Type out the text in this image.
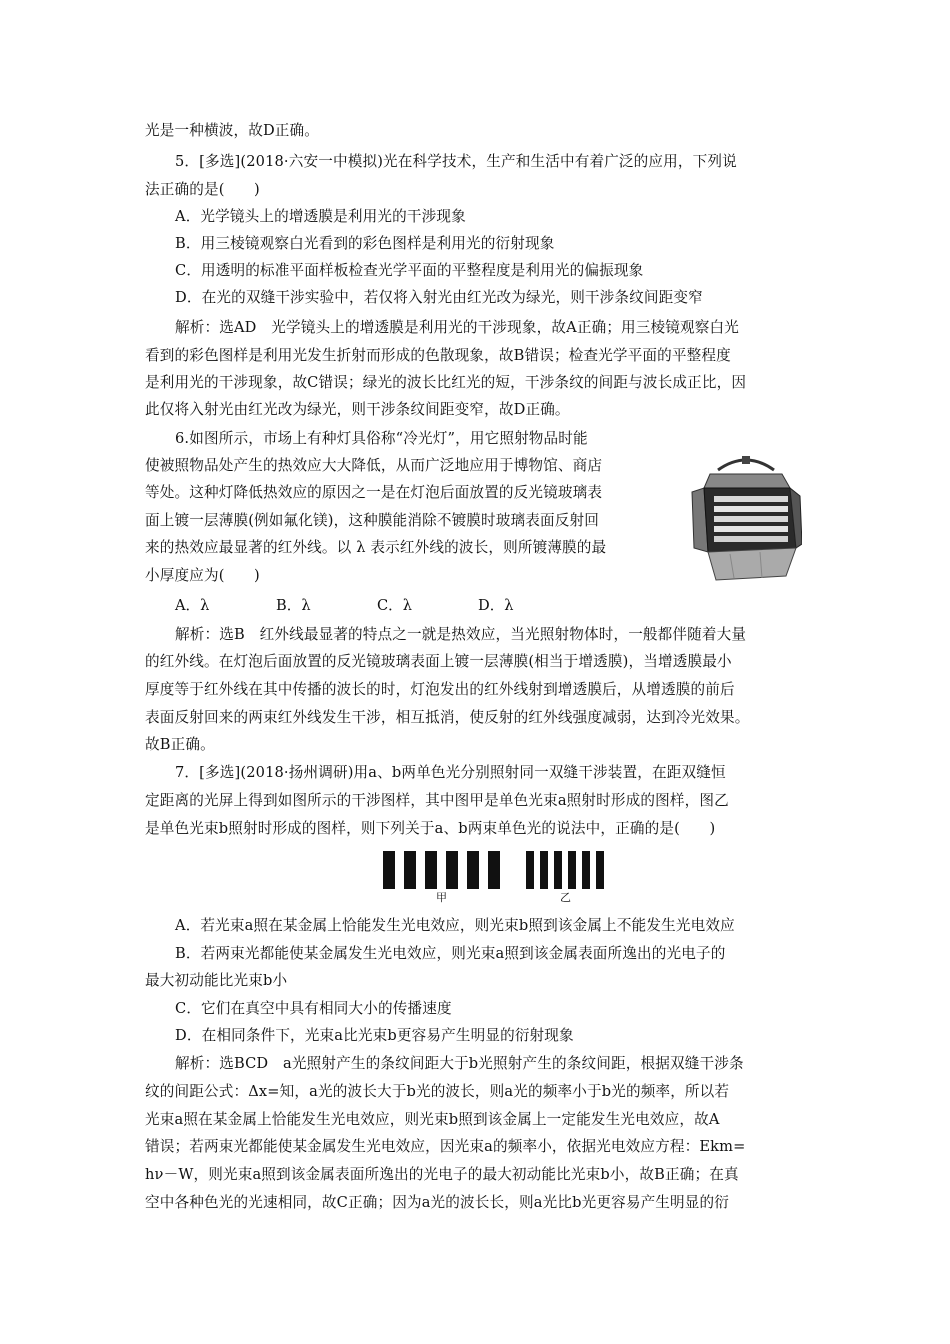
光是一种横波，故D正确。
5．[多选](2018·六安一中模拟)光在科学技术，生产和生活中有着广泛的应用，下列说
法正确的是(　　)
A．光学镜头上的增透膜是利用光的干涉现象
B．用三棱镜观察白光看到的彩色图样是利用光的衍射现象
C．用透明的标准平面样板检查光学平面的平整程度是利用光的偏振现象
D．在光的双缝干涉实验中，若仅将入射光由红光改为绿光，则干涉条纹间距变窄
解析：选AD　光学镜头上的增透膜是利用光的干涉现象，故A正确；用三棱镜观察白光
看到的彩色图样是利用光发生折射而形成的色散现象，故B错误；检查光学平面的平整程度
是利用光的干涉现象，故C错误；绿光的波长比红光的短，干涉条纹的间距与波长成正比，因
此仅将入射光由红光改为绿光，则干涉条纹间距变窄，故D正确。
6.如图所示，市场上有种灯具俗称“冷光灯”，用它照射物品时能
使被照物品处产生的热效应大大降低，从而广泛地应用于博物馆、商店
等处。这种灯降低热效应的原因之一是在灯泡后面放置的反光镜玻璃表
面上镀一层薄膜(例如氟化镁)，这种膜能消除不镀膜时玻璃表面反射回
来的热效应最显著的红外线。以 λ 表示红外线的波长，则所镀薄膜的最
小厚度应为(　　)
A．λ	B．λ	C．λ	D．λ
解析：选B　红外线最显著的特点之一就是热效应，当光照射物体时，一般都伴随着大量
的红外线。在灯泡后面放置的反光镜玻璃表面上镀一层薄膜(相当于增透膜)，当增透膜最小
厚度等于红外线在其中传播的波长的时，灯泡发出的红外线射到增透膜后，从增透膜的前后
表面反射回来的两束红外线发生干涉，相互抵消，使反射的红外线强度减弱，达到冷光效果。
故B正确。
7．[多选](2018·扬州调研)用a、b两单色光分别照射同一双缝干涉装置，在距双缝恒
定距离的光屏上得到如图所示的干涉图样，其中图甲是单色光束a照射时形成的图样，图乙
是单色光束b照射时形成的图样，则下列关于a、b两束单色光的说法中，正确的是(　　)
甲	乙
A．若光束a照在某金属上恰能发生光电效应，则光束b照到该金属上不能发生光电效应
B．若两束光都能使某金属发生光电效应，则光束a照到该金属表面所逸出的光电子的
最大初动能比光束b小
C．它们在真空中具有相同大小的传播速度
D．在相同条件下，光束a比光束b更容易产生明显的衍射现象
解析：选BCD　a光照射产生的条纹间距大于b光照射产生的条纹间距，根据双缝干涉条
纹的间距公式：Δx=知，a光的波长大于b光的波长，则a光的频率小于b光的频率，所以若
光束a照在某金属上恰能发生光电效应，则光束b照到该金属上一定能发生光电效应，故A
错误；若两束光都能使某金属发生光电效应，因光束a的频率小，依据光电效应方程：Ekm=
hν－W，则光束a照到该金属表面所逸出的光电子的最大初动能比光束b小，故B正确；在真
空中各种色光的光速相同，故C正确；因为a光的波长长，则a光比b光更容易产生明显的衍
